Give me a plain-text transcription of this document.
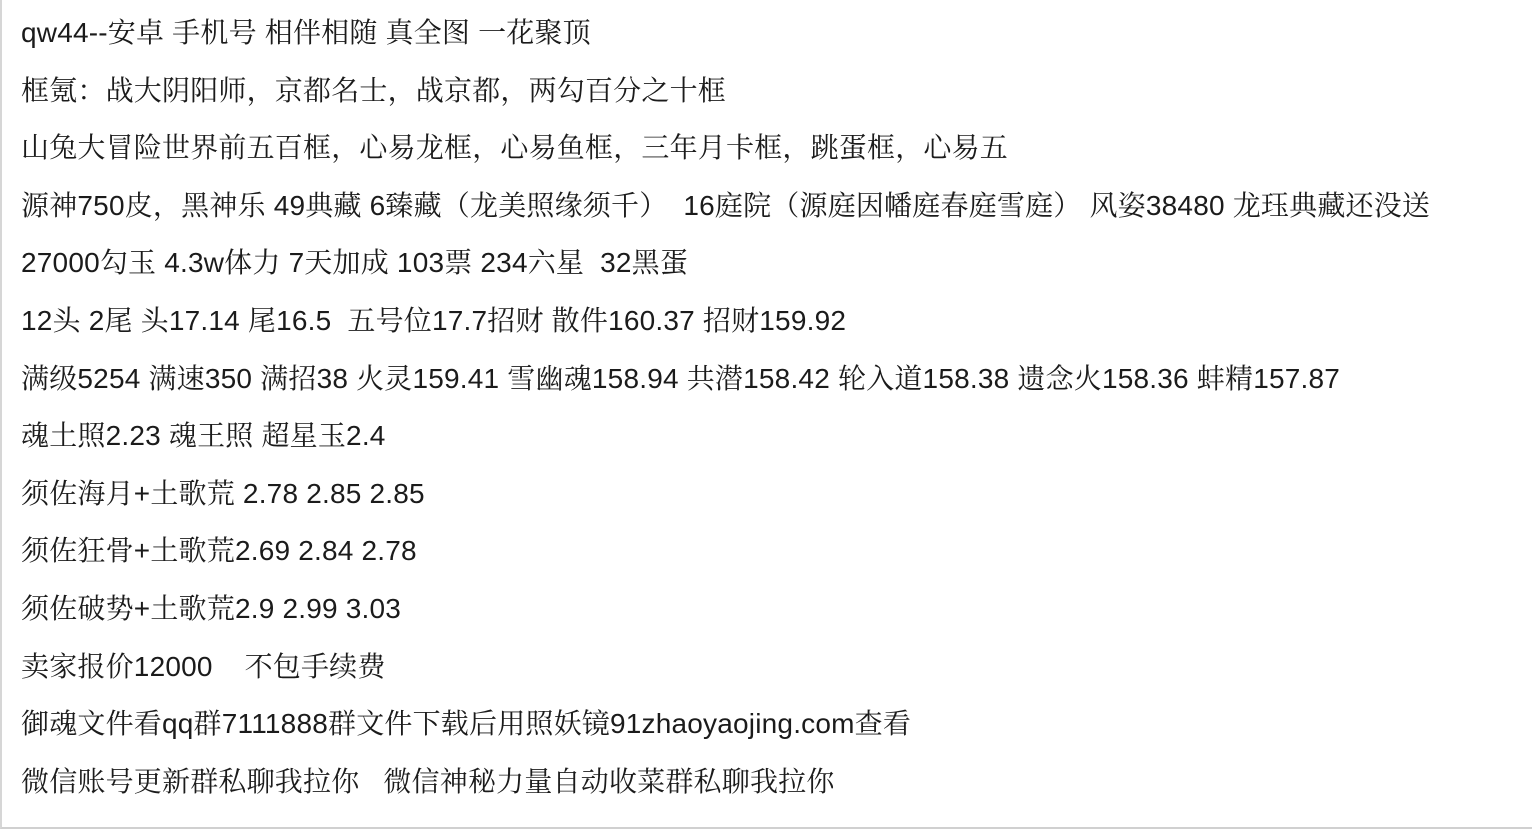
qw44--安卓 手机号 相伴相随 真全图 一花聚顶

框氪：战大阴阳师，京都名士，战京都，两勾百分之十框

山兔大冒险世界前五百框，心易龙框，心易鱼框，三年月卡框，跳蛋框，心易五

源神750皮，黑神乐 49典藏 6臻藏（龙美照缘须千）  16庭院（源庭因幡庭春庭雪庭） 风姿38480 龙珏典藏还没送

27000勾玉 4.3w体力 7天加成 103票 234六星  32黑蛋

12头 2尾 头17.14 尾16.5  五号位17.7招财 散件160.37 招财159.92

满级5254 满速350 满招38 火灵159.41 雪幽魂158.94 共潜158.42 轮入道158.38 遗念火158.36 蚌精157.87

魂土照2.23 魂王照 超星玉2.4

须佐海月+土歌荒 2.78 2.85 2.85

须佐狂骨+土歌荒2.69 2.84 2.78

须佐破势+土歌荒2.9 2.99 3.03

卖家报价12000    不包手续费

御魂文件看qq群7111888群文件下载后用照妖镜91zhaoyaojing.com查看

微信账号更新群私聊我拉你   微信神秘力量自动收菜群私聊我拉你
